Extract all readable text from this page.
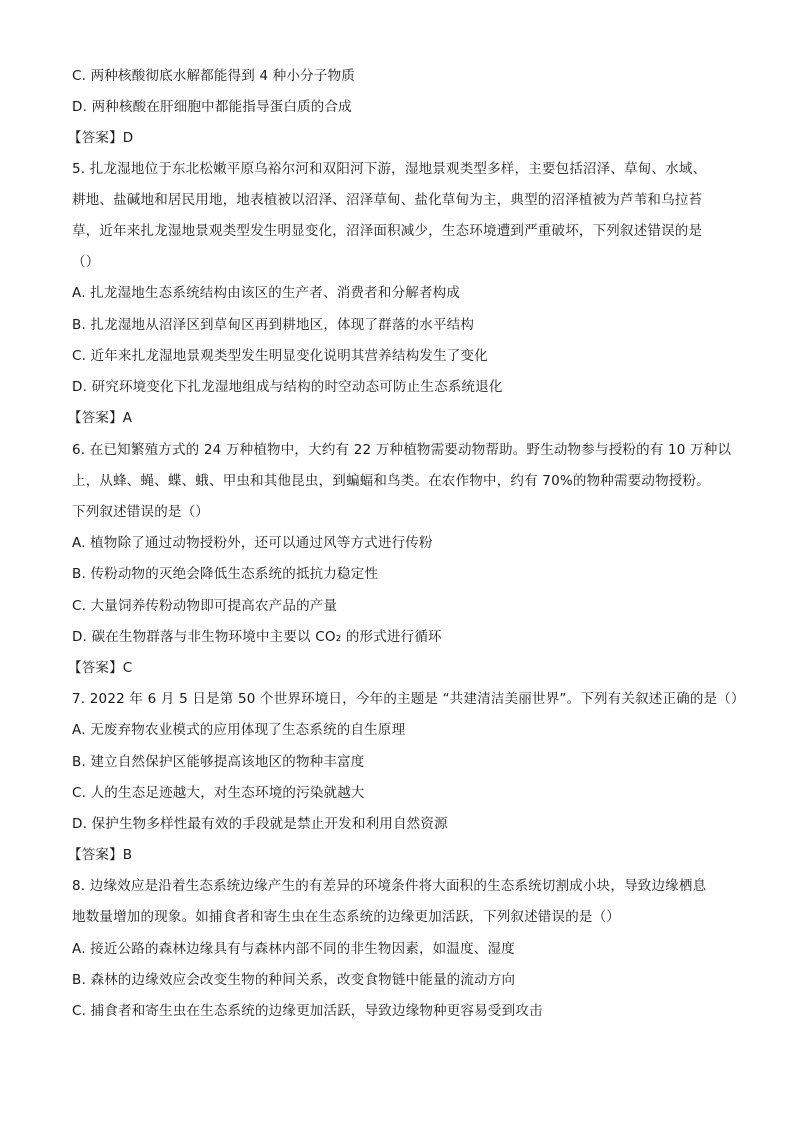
C. 两种核酸彻底水解都能得到 4 种小分子物质
D. 两种核酸在肝细胞中都能指导蛋白质的合成
【答案】D
5. 扎龙湿地位于东北松嫩平原乌裕尔河和双阳河下游，湿地景观类型多样，主要包括沼泽、草甸、水域、
耕地、盐碱地和居民用地，地表植被以沼泽、沼泽草甸、盐化草甸为主，典型的沼泽植被为芦苇和乌拉苔
草，近年来扎龙湿地景观类型发生明显变化，沼泽面积减少，生态环境遭到严重破坏，下列叙述错误的是
（）
A. 扎龙湿地生态系统结构由该区的生产者、消费者和分解者构成
B. 扎龙湿地从沼泽区到草甸区再到耕地区，体现了群落的水平结构
C. 近年来扎龙湿地景观类型发生明显变化说明其营养结构发生了变化
D. 研究环境变化下扎龙湿地组成与结构的时空动态可防止生态系统退化
【答案】A
6. 在已知繁殖方式的 24 万种植物中，大约有 22 万种植物需要动物帮助。野生动物参与授粉的有 10 万种以
上，从蜂、蝇、蝶、蛾、甲虫和其他昆虫，到蝙蝠和鸟类。在农作物中，约有 70%的物种需要动物授粉。
下列叙述错误的是（）
A. 植物除了通过动物授粉外，还可以通过风等方式进行传粉
B. 传粉动物的灭绝会降低生态系统的抵抗力稳定性
C. 大量饲养传粉动物即可提高农产品的产量
D. 碳在生物群落与非生物环境中主要以 CO₂ 的形式进行循环
【答案】C
7. 2022 年 6 月 5 日是第 50 个世界环境日，今年的主题是 “共建清洁美丽世界”。下列有关叙述正确的是（）
A. 无废弃物农业模式的应用体现了生态系统的自生原理
B. 建立自然保护区能够提高该地区的物种丰富度
C. 人的生态足迹越大，对生态环境的污染就越大
D. 保护生物多样性最有效的手段就是禁止开发和利用自然资源
【答案】B
8. 边缘效应是沿着生态系统边缘产生的有差异的环境条件将大面积的生态系统切割成小块，导致边缘栖息
地数量增加的现象。如捕食者和寄生虫在生态系统的边缘更加活跃，下列叙述错误的是（）
A. 接近公路的森林边缘具有与森林内部不同的非生物因素，如温度、湿度
B. 森林的边缘效应会改变生物的种间关系，改变食物链中能量的流动方向
C. 捕食者和寄生虫在生态系统的边缘更加活跃，导致边缘物种更容易受到攻击
